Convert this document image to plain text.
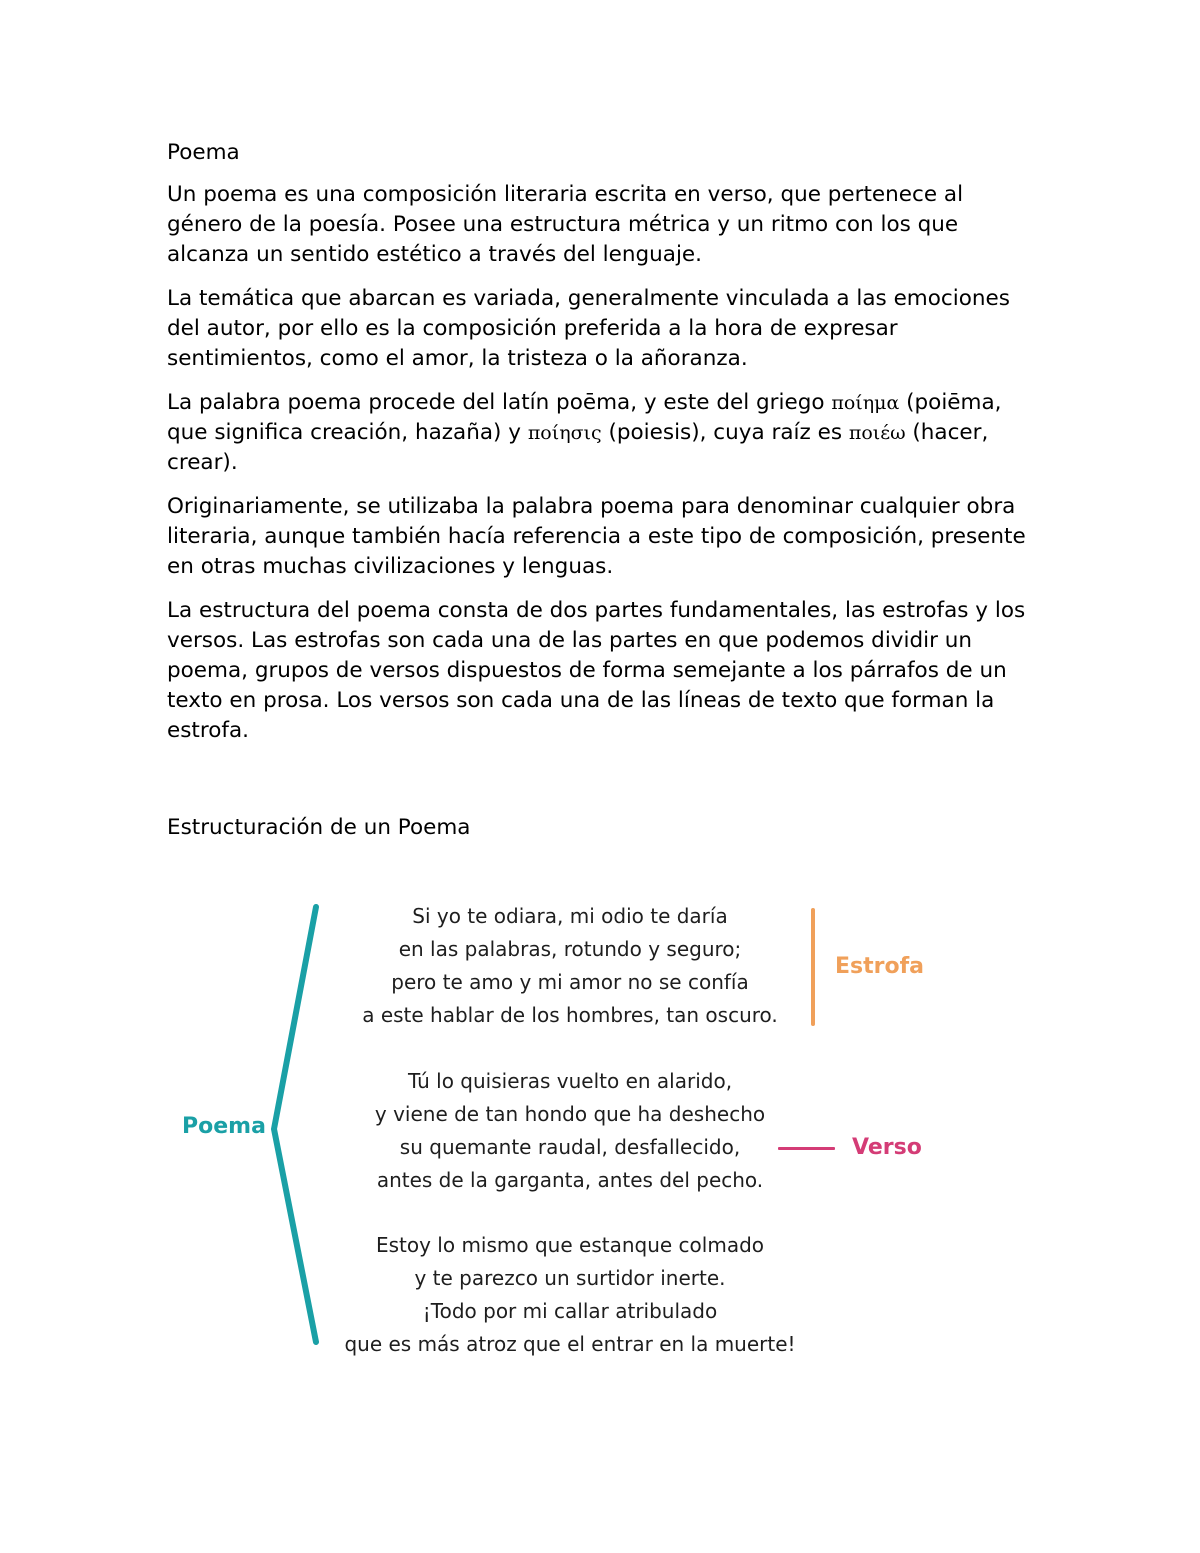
Poema

Un poema es una composición literaria escrita en verso, que pertenece al género de la poesía. Posee una estructura métrica y un ritmo con los que alcanza un sentido estético a través del lenguaje.

La temática que abarcan es variada, generalmente vinculada a las emociones del autor, por ello es la composición preferida a la hora de expresar sentimientos, como el amor, la tristeza o la añoranza.

La palabra poema procede del latín poēma, y este del griego ποίημα (poiēma, que significa creación, hazaña) y ποίησις (poiesis), cuya raíz es ποιέω (hacer, crear).

Originariamente, se utilizaba la palabra poema para denominar cualquier obra literaria, aunque también hacía referencia a este tipo de composición, presente en otras muchas civilizaciones y lenguas.

La estructura del poema consta de dos partes fundamentales, las estrofas y los versos. Las estrofas son cada una de las partes en que podemos dividir un poema, grupos de versos dispuestos de forma semejante a los párrafos de un texto en prosa. Los versos son cada una de las líneas de texto que forman la estrofa.

Estructuración de un Poema
Poema
Si yo te odiara, mi odio te daría
en las palabras, rotundo y seguro;
pero te amo y mi amor no se confía
a este hablar de los hombres, tan oscuro.
Tú lo quisieras vuelto en alarido,
y viene de tan hondo que ha deshecho
su quemante raudal, desfallecido,
antes de la garganta, antes del pecho.
Estoy lo mismo que estanque colmado
y te parezco un surtidor inerte.
¡Todo por mi callar atribulado
que es más atroz que el entrar en la muerte!
Estrofa
Verso
